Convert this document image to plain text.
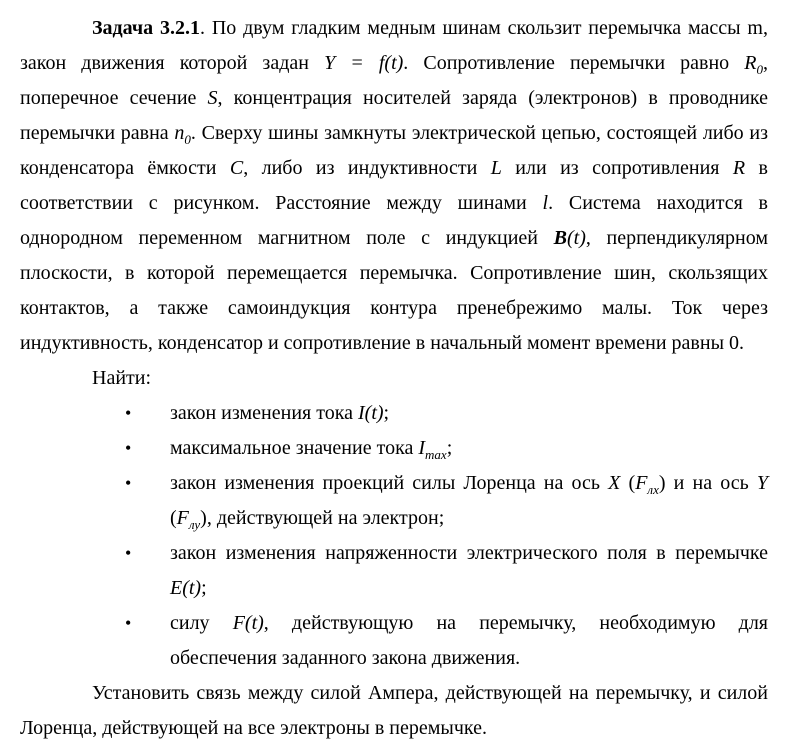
Задача 3.2.1. По двум гладким медным шинам скользит перемычка массы m, закон движения которой задан Y = f(t). Сопротивление перемычки равно $R_0$, поперечное сечение S, концентрация носителей заряда (электронов) в проводнике перемычки равна $n_0$. Сверху шины замкнуты электрической цепью, состоящей либо из конденсатора ёмкости C, либо из индуктивности L или из сопротивления R в соответствии с рисунком. Расстояние между шинами l. Система находится в однородном переменном магнитном поле с индукцией B(t), перпендикулярном плоскости, в которой перемещается перемычка. Сопротивление шин, скользящих контактов, а также самоиндукция контура пренебрежимо малы. Ток через индуктивность, конденсатор и сопротивление в начальный момент времени равны 0.

Найти:

• закон изменения тока I(t);
• максимальное значение тока $I_{max}$;
• закон изменения проекций силы Лоренца на ось X $(F_{лх})$ и на ось Y $(F_{лу})$, действующей на электрон;
• закон изменения напряженности электрического поля в перемычке E(t);
• силу F(t), действующую на перемычку, необходимую для обеспечения заданного закона движения.

Установить связь между силой Ампера, действующей на перемычку, и силой Лоренца, действующей на все электроны в перемычке.
